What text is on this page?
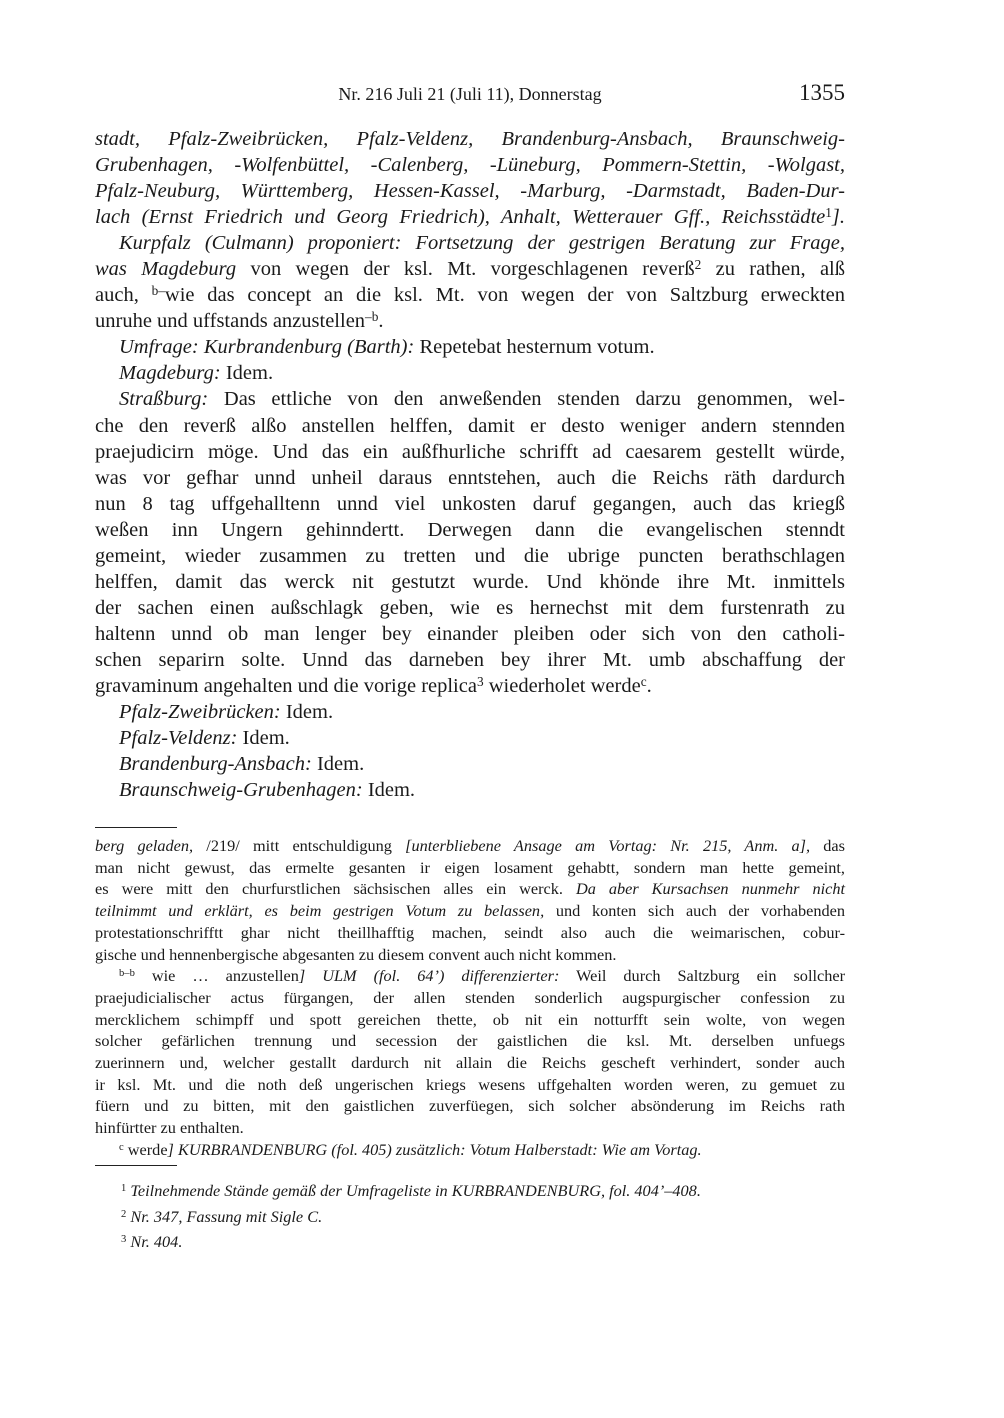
Nr. 216 Juli 21 (Juli 11), Donnerstag	1355
stadt, Pfalz-Zweibrücken, Pfalz-Veldenz, Brandenburg-Ansbach, Braunschweig-
Grubenhagen, -Wolfenbüttel, -Calenberg, -Lüneburg, Pommern-Stettin, -Wolgast,
Pfalz-Neuburg, Württemberg, Hessen-Kassel, -Marburg, -Darmstadt, Baden-Dur-
lach (Ernst Friedrich und Georg Friedrich), Anhalt, Wetterauer Gff., Reichsstädte$^1$].
Kurpfalz (Culmann) proponiert: Fortsetzung der gestrigen Beratung zur Frage,
was Magdeburg von wegen der ksl. Mt. vorgeschlagenen reverß$^2$ zu rathen, alß
auch, $^{b-}$wie das concept an die ksl. Mt. von wegen der von Saltzburg erweckten
unruhe und uffstands anzustellen$^{-b}$.
Umfrage: Kurbrandenburg (Barth): Repetebat hesternum votum.
Magdeburg: Idem.
Straßburg: Das ettliche von den anweßenden stenden darzu genommen, wel-
che den reverß alßo anstellen helffen, damit er desto weniger andern stennden
praejudicirn möge. Und das ein außfhurliche schrifft ad caesarem gestellt würde,
was vor gefhar unnd unheil daraus enntstehen, auch die Reichs räth dardurch
nun 8 tag uffgehalltenn unnd viel unkosten daruf gegangen, auch das kriegß
weßen inn Ungern gehinndertt. Derwegen dann die evangelischen stenndt
gemeint, wieder zusammen zu tretten und die ubrige puncten berathschlagen
helffen, damit das werck nit gestutzt wurde. Und khönde ihre Mt. inmittels
der sachen einen außschlagk geben, wie es hernechst mit dem furstenrath zu
haltenn unnd ob man lenger bey einander pleiben oder sich von den catholi-
schen separirn solte. Unnd das darneben bey ihrer Mt. umb abschaffung der
gravaminum angehalten und die vorige replica$^3$ wiederholet werde$^c$.
Pfalz-Zweibrücken: Idem.
Pfalz-Veldenz: Idem.
Brandenburg-Ansbach: Idem.
Braunschweig-Grubenhagen: Idem.
berg geladen, /219/ mitt entschuldigung [unterbliebene Ansage am Vortag: Nr. 215, Anm. a], das
man nicht gewust, das ermelte gesanten ir eigen losament gehabtt, sondern man hette gemeint,
es were mitt den churfurstlichen sächsischen alles ein werck. Da aber Kursachsen nunmehr nicht
teilnimmt und erklärt, es beim gestrigen Votum zu belassen, und konten sich auch der vorhabenden
protestationschrifftt ghar nicht theillhafftig machen, seindt also auch die weimarischen, cobur-
gische und hennenbergische abgesanten zu diesem convent auch nicht kommen.
$^{b-b}$ wie … anzustellen] ULM (fol. 64’) differenzierter: Weil durch Saltzburg ein sollcher
praejudicialischer actus fürgangen, der allen stenden sonderlich augspurgischer confession zu
mercklichem schimpff und spott gereichen thette, ob nit ein notturfft sein wolte, von wegen
solcher gefärlichen trennung und secession der gaistlichen die ksl. Mt. derselben unfuegs
zuerinnern und, welcher gestallt dardurch nit allain die Reichs gescheft verhindert, sonder auch
ir ksl. Mt. und die noth deß ungerischen kriegs wesens uffgehalten worden weren, zu gemuet zu
füern und zu bitten, mit den gaistlichen zuverfüegen, sich solcher absönderung im Reichs rath
hinfürtter zu enthalten.
$^c$ werde] KURBRANDENBURG (fol. 405) zusätzlich: Votum Halberstadt: Wie am Vortag.
$^1$ Teilnehmende Stände gemäß der Umfrageliste in KURBRANDENBURG, fol. 404’–408.
$^2$ Nr. 347, Fassung mit Sigle C.
$^3$ Nr. 404.
